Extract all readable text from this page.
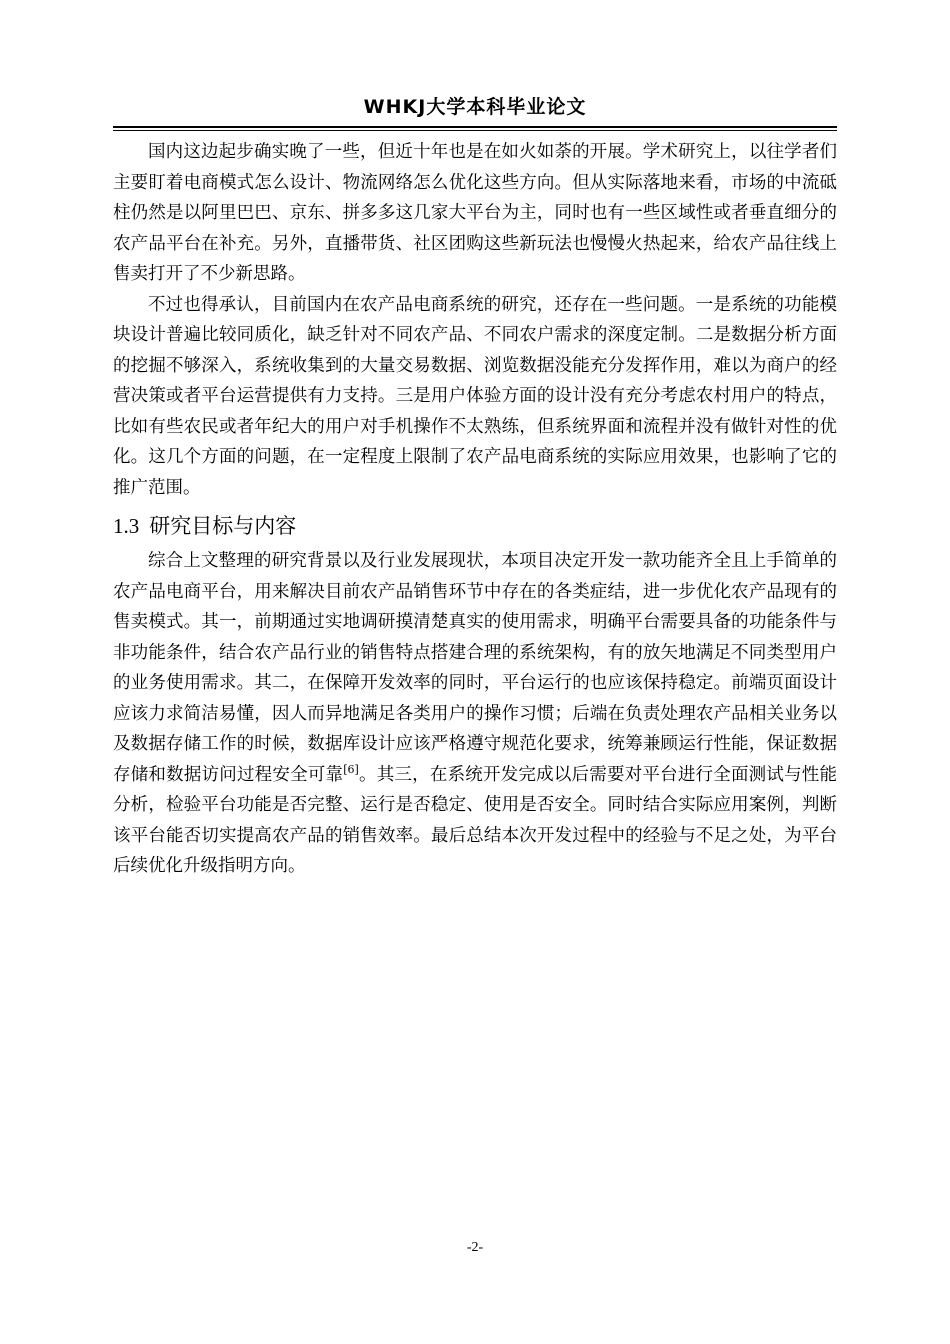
WHKJ大学本科毕业论文

国内这边起步确实晚了一些，但近十年也是在如火如荼的开展。学术研究上，以往学者们主要盯着电商模式怎么设计、物流网络怎么优化这些方向。但从实际落地来看，市场的中流砥柱仍然是以阿里巴巴、京东、拼多多这几家大平台为主，同时也有一些区域性或者垂直细分的农产品平台在补充。另外，直播带货、社区团购这些新玩法也慢慢火热起来，给农产品往线上售卖打开了不少新思路。

不过也得承认，目前国内在农产品电商系统的研究，还存在一些问题。一是系统的功能模块设计普遍比较同质化，缺乏针对不同农产品、不同农户需求的深度定制。二是数据分析方面的挖掘不够深入，系统收集到的大量交易数据、浏览数据没能充分发挥作用，难以为商户的经营决策或者平台运营提供有力支持。三是用户体验方面的设计没有充分考虑农村用户的特点，比如有些农民或者年纪大的用户对手机操作不太熟练，但系统界面和流程并没有做针对性的优化。这几个方面的问题，在一定程度上限制了农产品电商系统的实际应用效果，也影响了它的推广范围。

1.3 研究目标与内容

综合上文整理的研究背景以及行业发展现状，本项目决定开发一款功能齐全且上手简单的农产品电商平台，用来解决目前农产品销售环节中存在的各类症结，进一步优化农产品现有的售卖模式。其一，前期通过实地调研摸清楚真实的使用需求，明确平台需要具备的功能条件与非功能条件，结合农产品行业的销售特点搭建合理的系统架构，有的放矢地满足不同类型用户的业务使用需求。其二，在保障开发效率的同时，平台运行的也应该保持稳定。前端页面设计应该力求简洁易懂，因人而异地满足各类用户的操作习惯；后端在负责处理农产品相关业务以及数据存储工作的时候，数据库设计应该严格遵守规范化要求，统筹兼顾运行性能，保证数据存储和数据访问过程安全可靠[6]。其三，在系统开发完成以后需要对平台进行全面测试与性能分析，检验平台功能是否完整、运行是否稳定、使用是否安全。同时结合实际应用案例，判断该平台能否切实提高农产品的销售效率。最后总结本次开发过程中的经验与不足之处，为平台后续优化升级指明方向。

-2-
